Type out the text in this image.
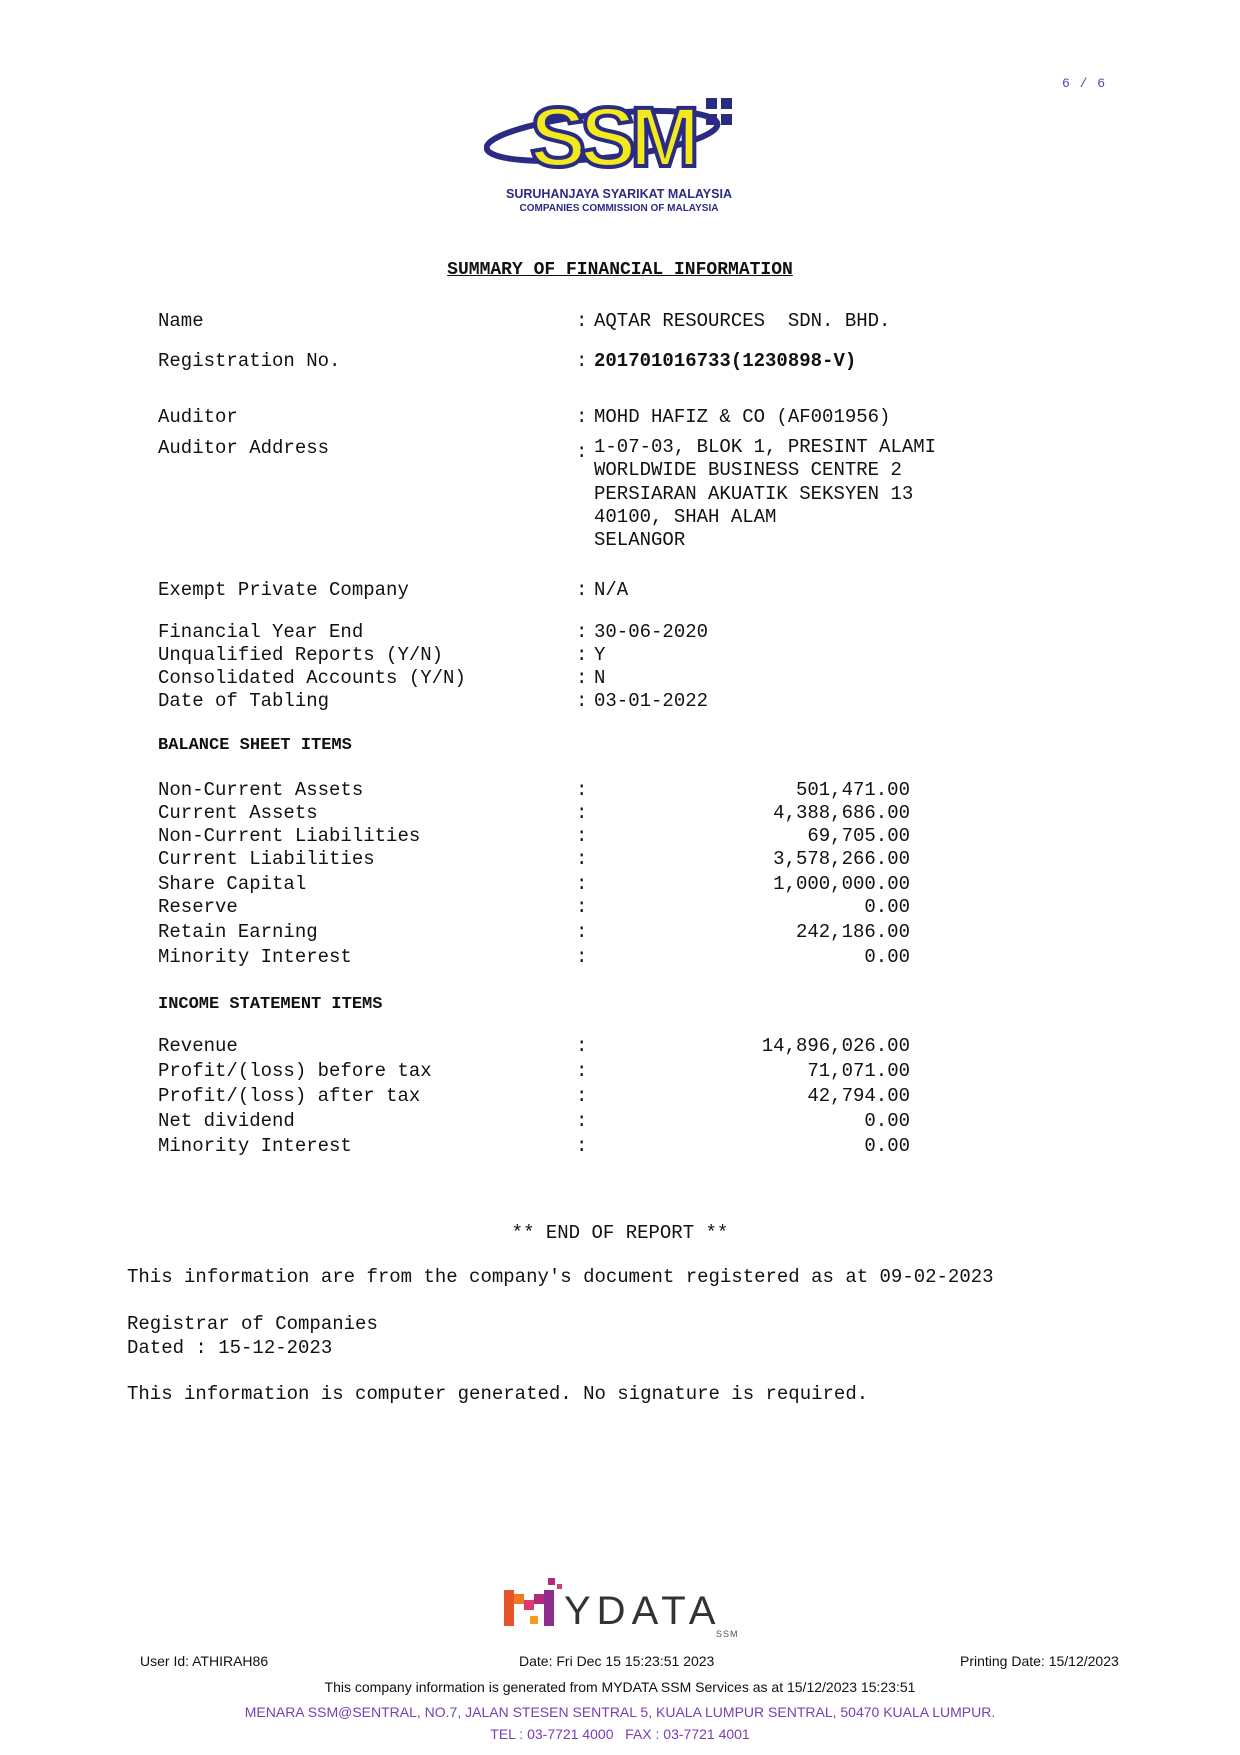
6 / 6
SSM
SURUHANJAYA SYARIKAT MALAYSIA
COMPANIES COMMISSION OF MALAYSIA
SUMMARY OF FINANCIAL INFORMATION
Name	: AQTAR RESOURCES  SDN. BHD.
Registration No.	: 201701016733(1230898-V)
Auditor	: MOHD HAFIZ & CO (AF001956)
Auditor Address	: 1-07-03, BLOK 1, PRESINT ALAMI
WORLDWIDE BUSINESS CENTRE 2
PERSIARAN AKUATIK SEKSYEN 13
40100, SHAH ALAM
SELANGOR
Exempt Private Company	: N/A
Financial Year End	: 30-06-2020
Unqualified Reports (Y/N)	: Y
Consolidated Accounts (Y/N)	: N
Date of Tabling	: 03-01-2022
BALANCE SHEET ITEMS
Non-Current Assets	:	501,471.00
Current Assets	:	4,388,686.00
Non-Current Liabilities	:	69,705.00
Current Liabilities	:	3,578,266.00
Share Capital	:	1,000,000.00
Reserve	:	0.00
Retain Earning	:	242,186.00
Minority Interest	:	0.00
INCOME STATEMENT ITEMS
Revenue	:	14,896,026.00
Profit/(loss) before tax	:	71,071.00
Profit/(loss) after tax	:	42,794.00
Net dividend	:	0.00
Minority Interest	:	0.00
** END OF REPORT **
This information are from the company's document registered as at 09-02-2023
Registrar of Companies
Dated : 15-12-2023
This information is computer generated. No signature is required.
YDATA
SSM
User Id: ATHIRAH86	Date: Fri Dec 15 15:23:51 2023	Printing Date: 15/12/2023
This company information is generated from MYDATA SSM Services as at 15/12/2023 15:23:51
MENARA SSM@SENTRAL, NO.7, JALAN STESEN SENTRAL 5, KUALA LUMPUR SENTRAL, 50470 KUALA LUMPUR.
TEL : 03-7721 4000   FAX : 03-7721 4001
